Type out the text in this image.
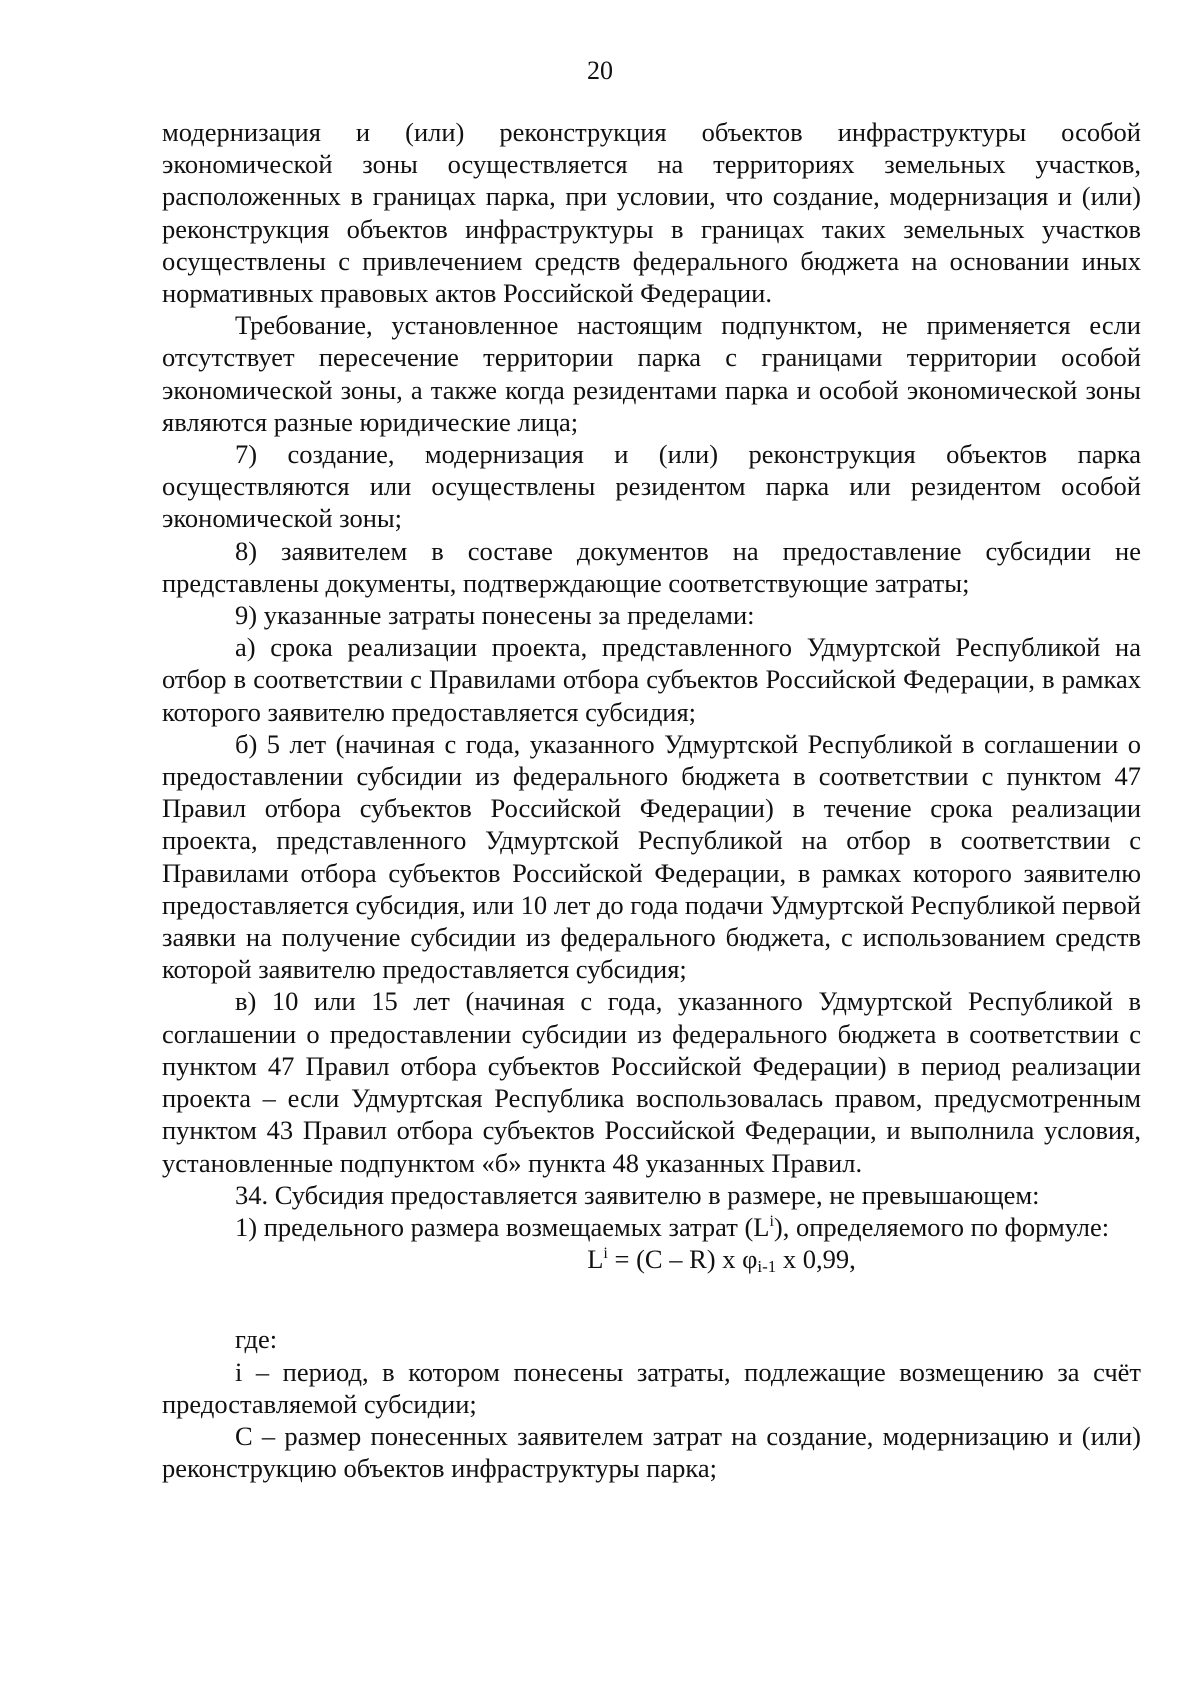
20

модернизация и (или) реконструкция объектов инфраструктуры особой экономической зоны осуществляется на территориях земельных участков, расположенных в границах парка, при условии, что создание, модернизация и (или) реконструкция объектов инфраструктуры в границах таких земельных участков осуществлены с привлечением средств федерального бюджета на основании иных нормативных правовых актов Российской Федерации.

Требование, установленное настоящим подпунктом, не применяется если отсутствует пересечение территории парка с границами территории особой экономической зоны, а также когда резидентами парка и особой экономической зоны являются разные юридические лица;

7) создание, модернизация и (или) реконструкция объектов парка осуществляются или осуществлены резидентом парка или резидентом особой экономической зоны;

8) заявителем в составе документов на предоставление субсидии не представлены документы, подтверждающие соответствующие затраты;

9) указанные затраты понесены за пределами:

а) срока реализации проекта, представленного Удмуртской Республикой на отбор в соответствии с Правилами отбора субъектов Российской Федерации, в рамках которого заявителю предоставляется субсидия;

б) 5 лет (начиная с года, указанного Удмуртской Республикой в соглашении о предоставлении субсидии из федерального бюджета в соответствии с пунктом 47 Правил отбора субъектов Российской Федерации) в течение срока реализации проекта, представленного Удмуртской Республикой на отбор в соответствии с Правилами отбора субъектов Российской Федерации, в рамках которого заявителю предоставляется субсидия, или 10 лет до года подачи Удмуртской Республикой первой заявки на получение субсидии из федерального бюджета, с использованием средств которой заявителю предоставляется субсидия;

в) 10 или 15 лет (начиная с года, указанного Удмуртской Республикой в соглашении о предоставлении субсидии из федерального бюджета в соответствии с пунктом 47 Правил отбора субъектов Российской Федерации) в период реализации проекта – если Удмуртская Республика воспользовалась правом, предусмотренным пунктом 43 Правил отбора субъектов Российской Федерации, и выполнила условия, установленные подпунктом «б» пункта 48 указанных Правил.

34. Субсидия предоставляется заявителю в размере, не превышающем:

1) предельного размера возмещаемых затрат $(L^i)$, определяемого по формуле:

$L^i = (C - R)$ x $\varphi_{i-1}$ x 0,99,

где:

i – период, в котором понесены затраты, подлежащие возмещению за счёт предоставляемой субсидии;

C – размер понесенных заявителем затрат на создание, модернизацию и (или) реконструкцию объектов инфраструктуры парка;
